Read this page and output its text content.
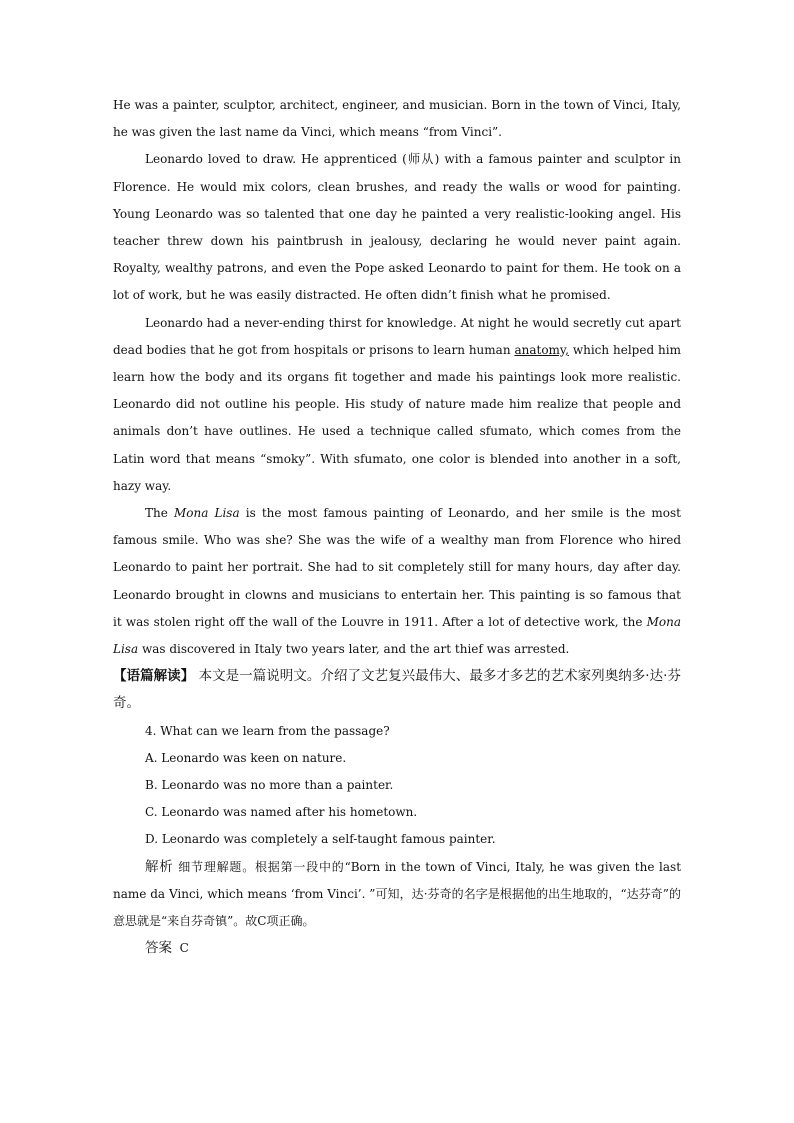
He was a painter, sculptor, architect, engineer, and musician. Born in the town of Vinci, Italy, he was given the last name da Vinci, which means “from Vinci”.

Leonardo loved to draw. He apprenticed (师从) with a famous painter and sculptor in Florence. He would mix colors, clean brushes, and ready the walls or wood for painting. Young Leonardo was so talented that one day he painted a very realistic-looking angel. His teacher threw down his paintbrush in jealousy, declaring he would never paint again. Royalty, wealthy patrons, and even the Pope asked Leonardo to paint for them. He took on a lot of work, but he was easily distracted. He often didn’t finish what he promised.

Leonardo had a never-ending thirst for knowledge. At night he would secretly cut apart dead bodies that he got from hospitals or prisons to learn human anatomy, which helped him learn how the body and its organs fit together and made his paintings look more realistic. Leonardo did not outline his people. His study of nature made him realize that people and animals don’t have outlines. He used a technique called sfumato, which comes from the Latin word that means “smoky”. With sfumato, one color is blended into another in a soft, hazy way.

The Mona Lisa is the most famous painting of Leonardo, and her smile is the most famous smile. Who was she? She was the wife of a wealthy man from Florence who hired Leonardo to paint her portrait. She had to sit completely still for many hours, day after day. Leonardo brought in clowns and musicians to entertain her. This painting is so famous that it was stolen right off the wall of the Louvre in 1911. After a lot of detective work, the Mona Lisa was discovered in Italy two years later, and the art thief was arrested.

【语篇解读】 本文是一篇说明文。介绍了文艺复兴最伟大、最多才多艺的艺术家列奥纳多·达·芬奇。

4. What can we learn from the passage?

A. Leonardo was keen on nature.

B. Leonardo was no more than a painter.

C. Leonardo was named after his hometown.

D. Leonardo was completely a self-taught famous painter.

解析 细节理解题。根据第一段中的“Born in the town of Vinci, Italy, he was given the last name da Vinci, which means ‘from Vinci’. ”可知，达·芬奇的名字是根据他的出生地取的，“达芬奇”的意思就是“来自芬奇镇”。故C项正确。

答案 C
